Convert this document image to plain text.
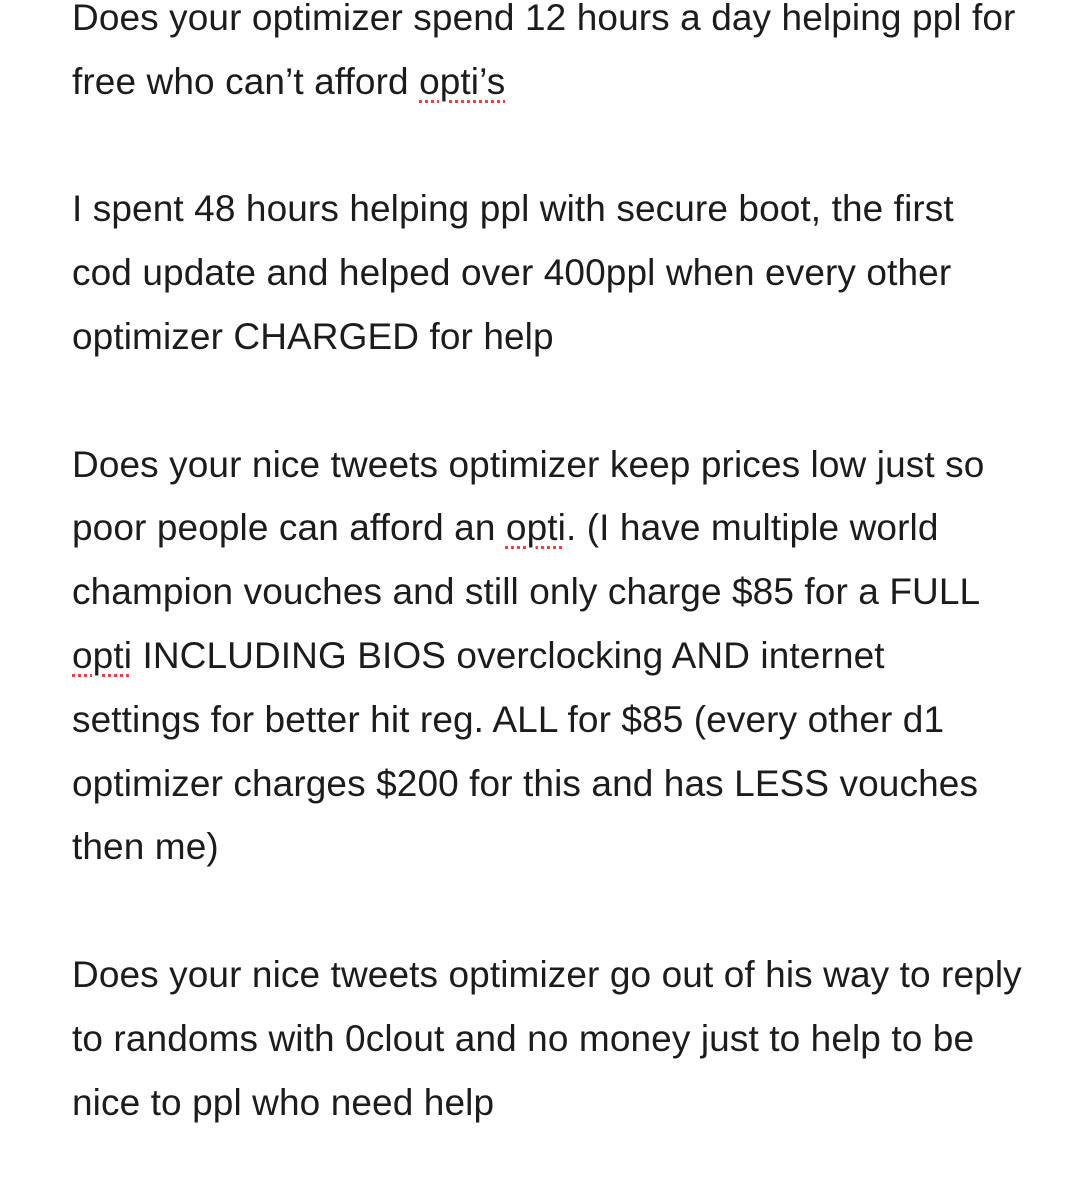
Does your optimizer spend 12 hours a day helping ppl for free who can’t afford opti’s

I spent 48 hours helping ppl with secure boot, the first cod update and helped over 400ppl when every other optimizer CHARGED for help

Does your nice tweets optimizer keep prices low just so poor people can afford an opti. (I have multiple world champion vouches and still only charge $85 for a FULL opti INCLUDING BIOS overclocking AND internet settings for better hit reg. ALL for $85 (every other d1 optimizer charges $200 for this and has LESS vouches then me)

Does your nice tweets optimizer go out of his way to reply to randoms with 0clout and no money just to help to be nice to ppl who need help
